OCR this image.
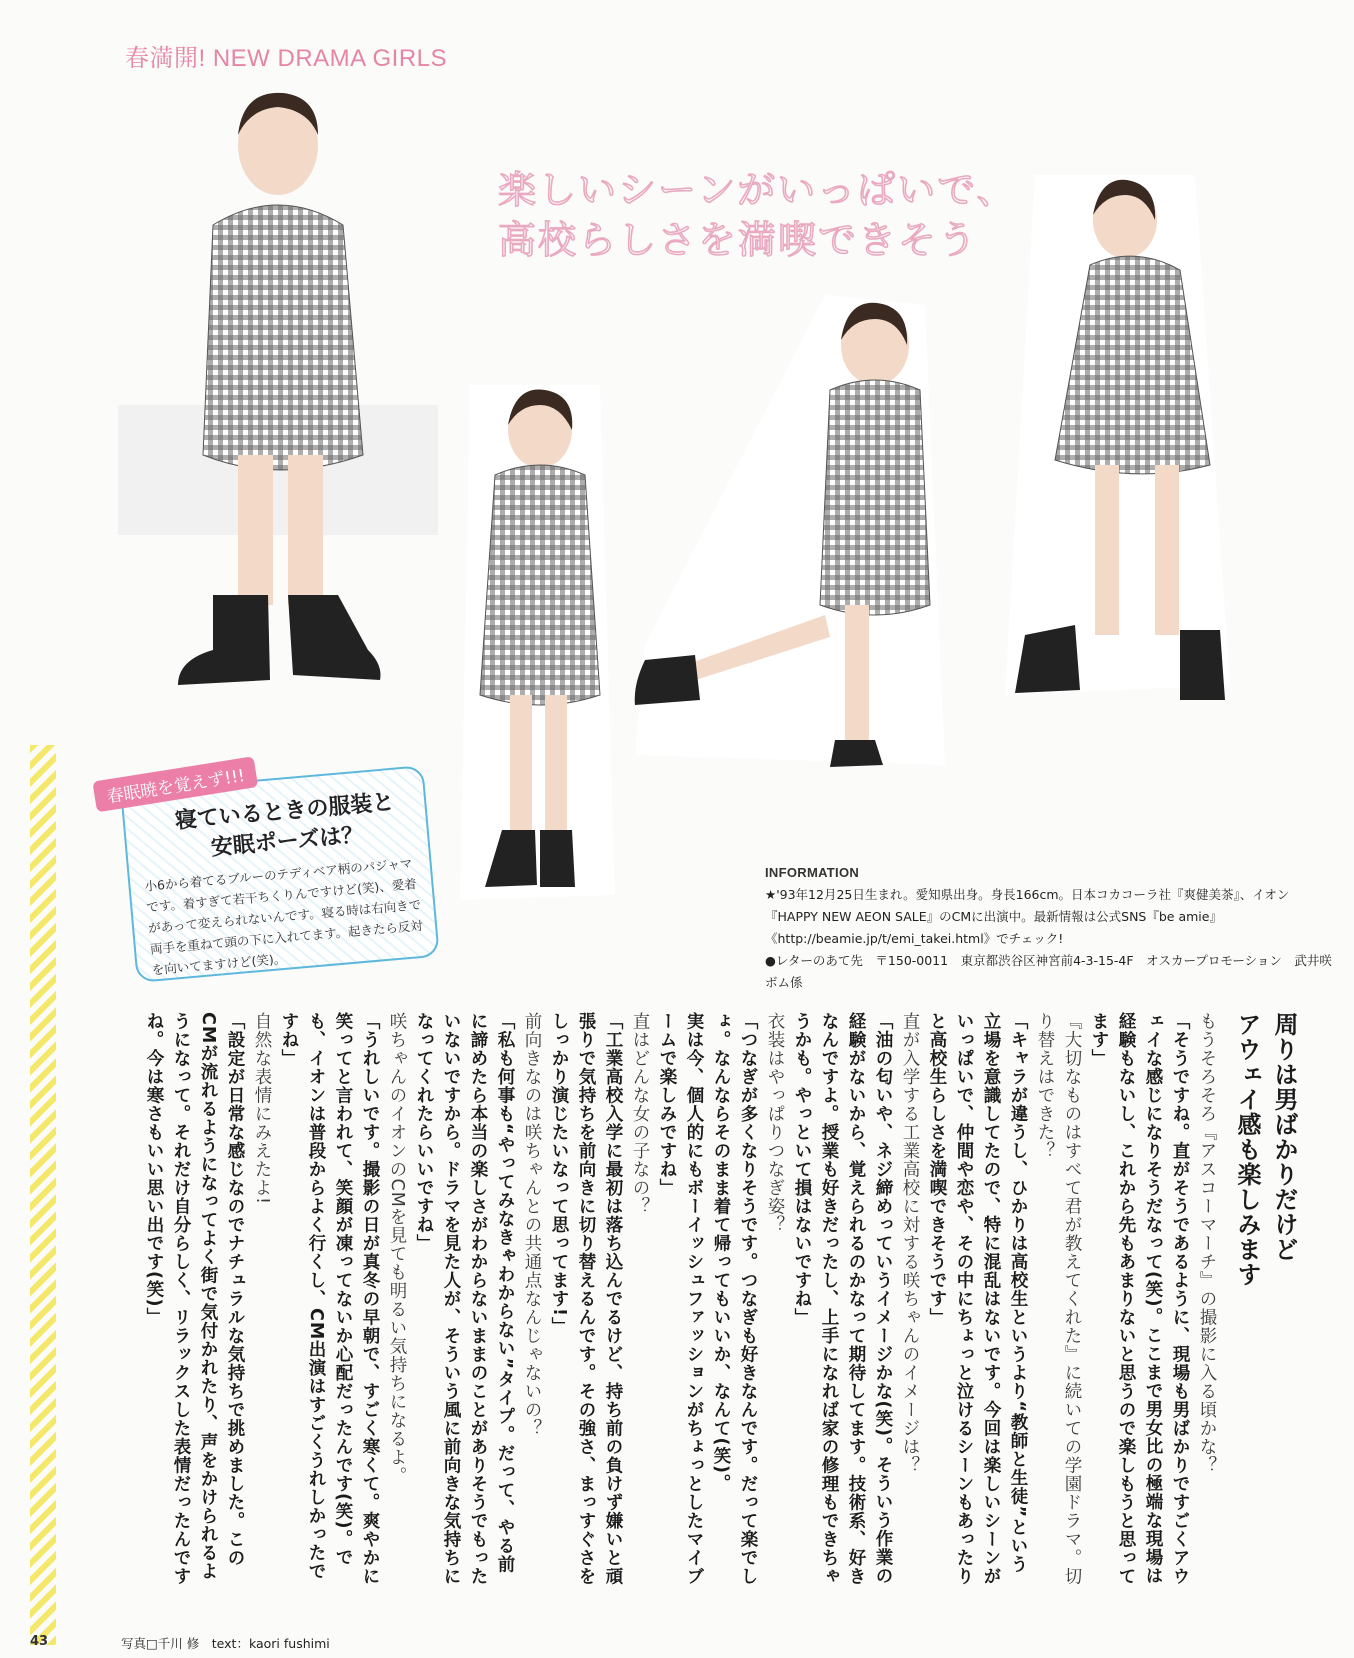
春満開! NEW DRAMA GIRLS
楽しいシーンがいっぱいで、
高校らしさを満喫できそう
春眠暁を覚えず!!!
寝ているときの服装と
安眠ポーズは？
小6から着てるブルーのテディベア柄のパジャマです。着すぎて若干ちくりんですけど(笑)、愛着があって変えられないんです。寝る時は右向きで両手を重ねて頭の下に入れてます。起きたら反対を向いてますけど(笑)。
INFORMATION
★'93年12月25日生まれ。愛知県出身。身長166cm。日本コカコーラ社『爽健美茶』、イオン『HAPPY NEW AEON SALE』のCMに出演中。最新情報は公式SNS『be amie』《http://beamie.jp/t/emi_takei.html》でチェック!
●レターのあて先　〒150-0011　東京都渋谷区神宮前4-3-15-4F　オスカープロモーション　武井咲ボム係
周りは男ばかりだけど
アウェイ感も楽しみます
もうそろそろ『アスコーマーチ』の撮影に入る頃かな？
「そうですね。直がそうであるように、現場も男ばかりですごくアウェイな感じになりそうだなって(笑)。ここまで男女比の極端な現場は経験もないし、これから先もあまりないと思うので楽しもうと思ってます」
『大切なものはすべて君が教えてくれた』に続いての学園ドラマ。切り替えはできた？
「キャラが違うし、ひかりは高校生というより“教師と生徒”という立場を意識してたので、特に混乱はないです。今回は楽しいシーンがいっぱいで、仲間や恋や、その中にちょっと泣けるシーンもあったりと高校生らしさを満喫できそうです」
直が入学する工業高校に対する咲ちゃんのイメージは？
「油の匂いや、ネジ締めっていうイメージかな(笑)。そういう作業の経験がないから、覚えられるのかなって期待してます。技術系、好きなんですよ。授業も好きだったし、上手になれば家の修理もできちゃうかも。やっといて損はないですね」
衣装はやっぱりつなぎ姿？
「つなぎが多くなりそうです。つなぎも好きなんです。だって楽でしょ。なんならそのまま着て帰ってもいいか、なんて(笑)。
実は今、個人的にもボーイッシュファッションがちょっとしたマイブームで楽しみですね」
直はどんな女の子なの？
「工業高校入学に最初は落ち込んでるけど、持ち前の負けず嫌いと頑張りで気持ちを前向きに切り替えるんです。その強さ、まっすぐさをしっかり演じたいなって思ってます!」
前向きなのは咲ちゃんとの共通点なんじゃないの？
「私も何事も“やってみなきゃわからない”タイプ。だって、やる前に諦めたら本当の楽しさがわからないままのことがありそうでもったいないですから。ドラマを見た人が、そういう風に前向きな気持ちになってくれたらいいですね」
咲ちゃんのイオンのCMを見ても明るい気持ちになるよ。
「うれしいです。撮影の日が真冬の早朝で、すごく寒くて。爽やかに笑ってと言われて、笑顔が凍ってないか心配だったんです(笑)。でも、イオンは普段からよく行くし、CM出演はすごくうれしかったですね」
自然な表情にみえたよ!
「設定が日常な感じなのでナチュラルな気持ちで挑めました。このCMが流れるようになってよく街で気付かれたり、声をかけられるようになって。それだけ自分らしく、リラックスした表情だったんですね。今は寒さもいい思い出です(笑)」
43	写真□千川 修　text：kaori fushimi
